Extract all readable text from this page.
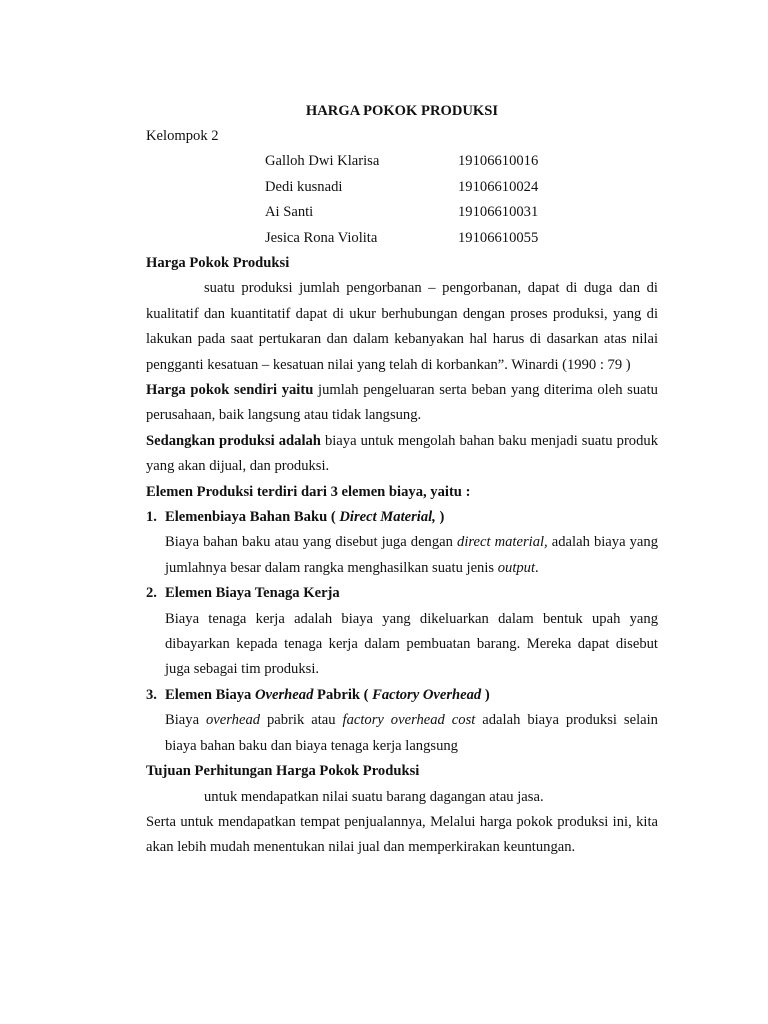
HARGA POKOK PRODUKSI

Kelompok 2

Galloh Dwi Klarisa	19106610016
Dedi kusnadi	19106610024
Ai Santi	19106610031
Jesica Rona Violita	19106610055

Harga Pokok Produksi

suatu produksi jumlah pengorbanan – pengorbanan, dapat di duga dan di kualitatif dan kuantitatif dapat di ukur berhubungan dengan proses produksi, yang di lakukan pada saat pertukaran dan dalam kebanyakan hal harus di dasarkan atas nilai pengganti kesatuan – kesatuan nilai yang telah di korbankan”. Winardi (1990 : 79 )

Harga pokok sendiri yaitu jumlah pengeluaran serta beban yang diterima oleh suatu perusahaan, baik langsung atau tidak langsung.

Sedangkan produksi adalah biaya untuk mengolah bahan baku menjadi suatu produk yang akan dijual, dan produksi.

Elemen Produksi terdiri dari 3 elemen biaya, yaitu :

1. Elemenbiaya Bahan Baku ( Direct Material, )

Biaya bahan baku atau yang disebut juga dengan direct material, adalah biaya yang jumlahnya besar dalam rangka menghasilkan suatu jenis output.

2. Elemen Biaya Tenaga Kerja

Biaya tenaga kerja adalah biaya yang dikeluarkan dalam bentuk upah yang dibayarkan kepada tenaga kerja dalam pembuatan barang. Mereka dapat disebut juga sebagai tim produksi.

3. Elemen Biaya Overhead Pabrik ( Factory Overhead )

Biaya overhead pabrik atau factory overhead cost adalah biaya produksi selain biaya bahan baku dan biaya tenaga kerja langsung

Tujuan Perhitungan Harga Pokok Produksi

untuk mendapatkan nilai suatu barang dagangan atau jasa.

Serta untuk mendapatkan tempat penjualannya, Melalui harga pokok produksi ini, kita akan lebih mudah menentukan nilai jual dan memperkirakan keuntungan.
